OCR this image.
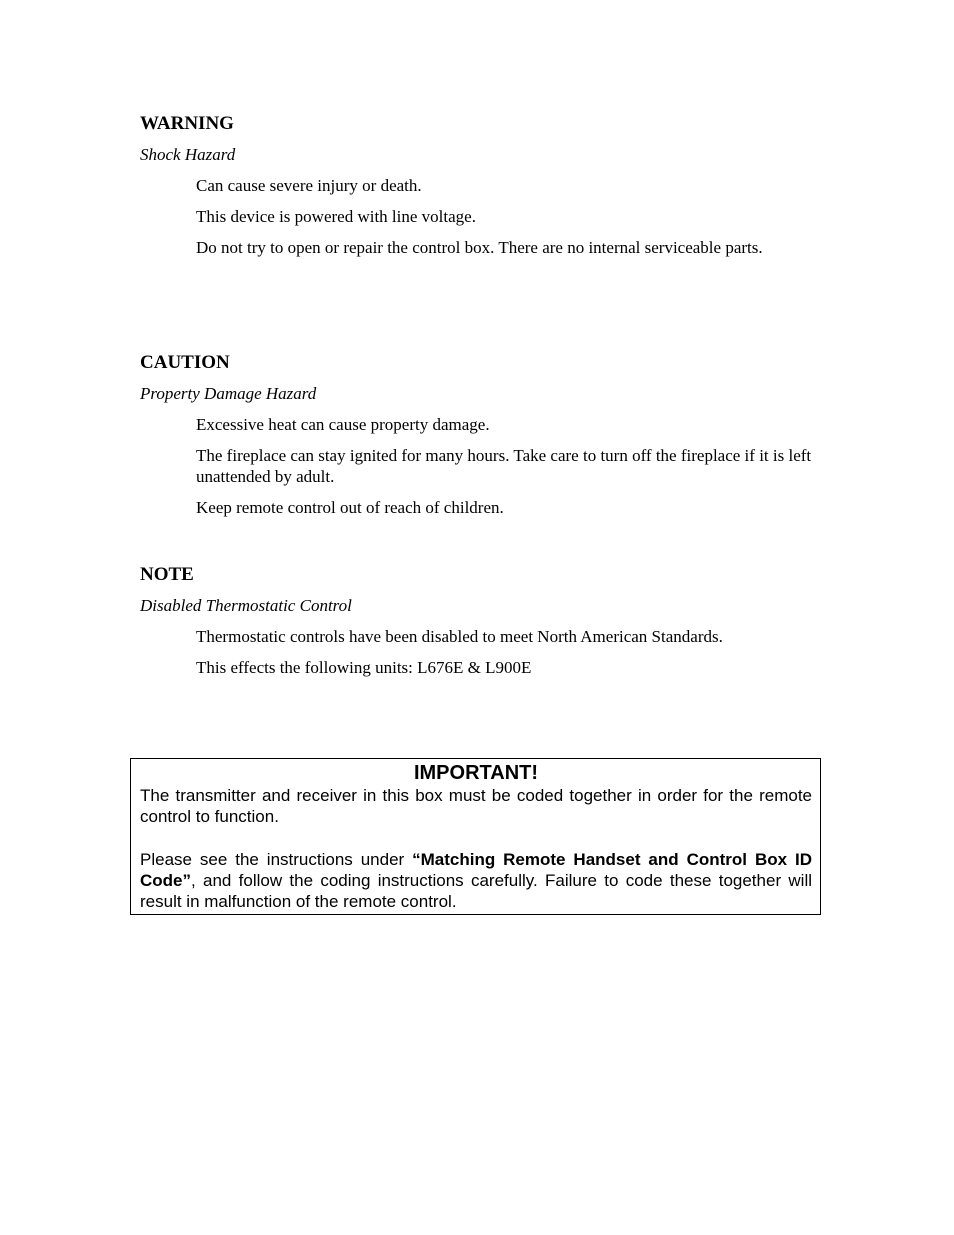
WARNING

Shock Hazard

Can cause severe injury or death.

This device is powered with line voltage.

Do not try to open or repair the control box. There are no internal serviceable parts.

CAUTION

Property Damage Hazard

Excessive heat can cause property damage.

The fireplace can stay ignited for many hours. Take care to turn off the fireplace if it is left unattended by adult.

Keep remote control out of reach of children.

NOTE

Disabled Thermostatic Control

Thermostatic controls have been disabled to meet North American Standards.

This effects the following units: L676E & L900E

IMPORTANT!

The transmitter and receiver in this box must be coded together in order for the remote control to function.

Please see the instructions under “Matching Remote Handset and Control Box ID Code”, and follow the coding instructions carefully. Failure to code these together will result in malfunction of the remote control.
